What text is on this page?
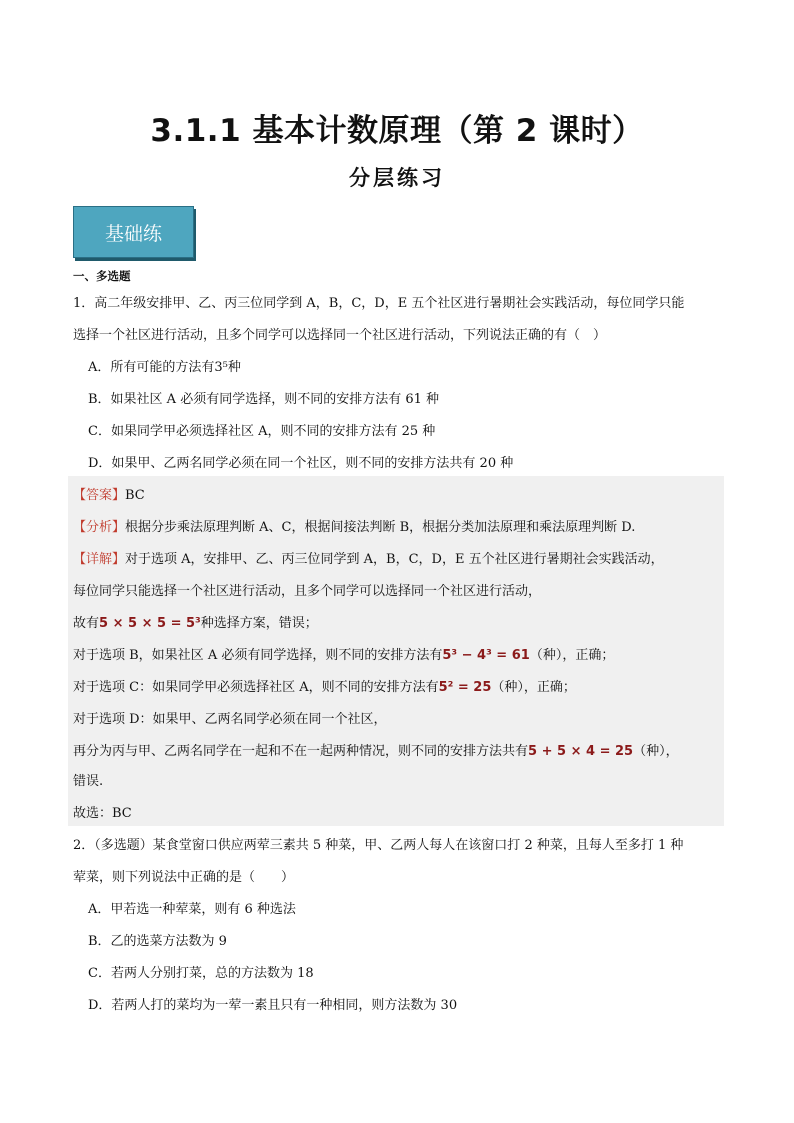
3.1.1 基本计数原理（第 2 课时）
分层练习
基础练
一、多选题
1．高二年级安排甲、乙、丙三位同学到 A，B，C，D，E 五个社区进行暑期社会实践活动，每位同学只能
选择一个社区进行活动，且多个同学可以选择同一个社区进行活动，下列说法正确的有（　）
A．所有可能的方法有3⁵种
B．如果社区 A 必须有同学选择，则不同的安排方法有 61 种
C．如果同学甲必须选择社区 A，则不同的安排方法有 25 种
D．如果甲、乙两名同学必须在同一个社区，则不同的安排方法共有 20 种
【答案】BC
【分析】根据分步乘法原理判断 A、C，根据间接法判断 B，根据分类加法原理和乘法原理判断 D.
【详解】对于选项 A，安排甲、乙、丙三位同学到 A，B，C，D，E 五个社区进行暑期社会实践活动，
每位同学只能选择一个社区进行活动，且多个同学可以选择同一个社区进行活动，
故有5 × 5 × 5 = 5³种选择方案，错误；
对于选项 B，如果社区 A 必须有同学选择，则不同的安排方法有5³ − 4³ = 61（种），正确；
对于选项 C：如果同学甲必须选择社区 A，则不同的安排方法有5² = 25（种），正确；
对于选项 D：如果甲、乙两名同学必须在同一个社区，
再分为丙与甲、乙两名同学在一起和不在一起两种情况，则不同的安排方法共有5 + 5 × 4 = 25（种），
错误.
故选：BC
2．（多选题）某食堂窗口供应两荤三素共 5 种菜，甲、乙两人每人在该窗口打 2 种菜，且每人至多打 1 种
荤菜，则下列说法中正确的是（　　）
A．甲若选一种荤菜，则有 6 种选法
B．乙的选菜方法数为 9
C．若两人分别打菜，总的方法数为 18
D．若两人打的菜均为一荤一素且只有一种相同，则方法数为 30
